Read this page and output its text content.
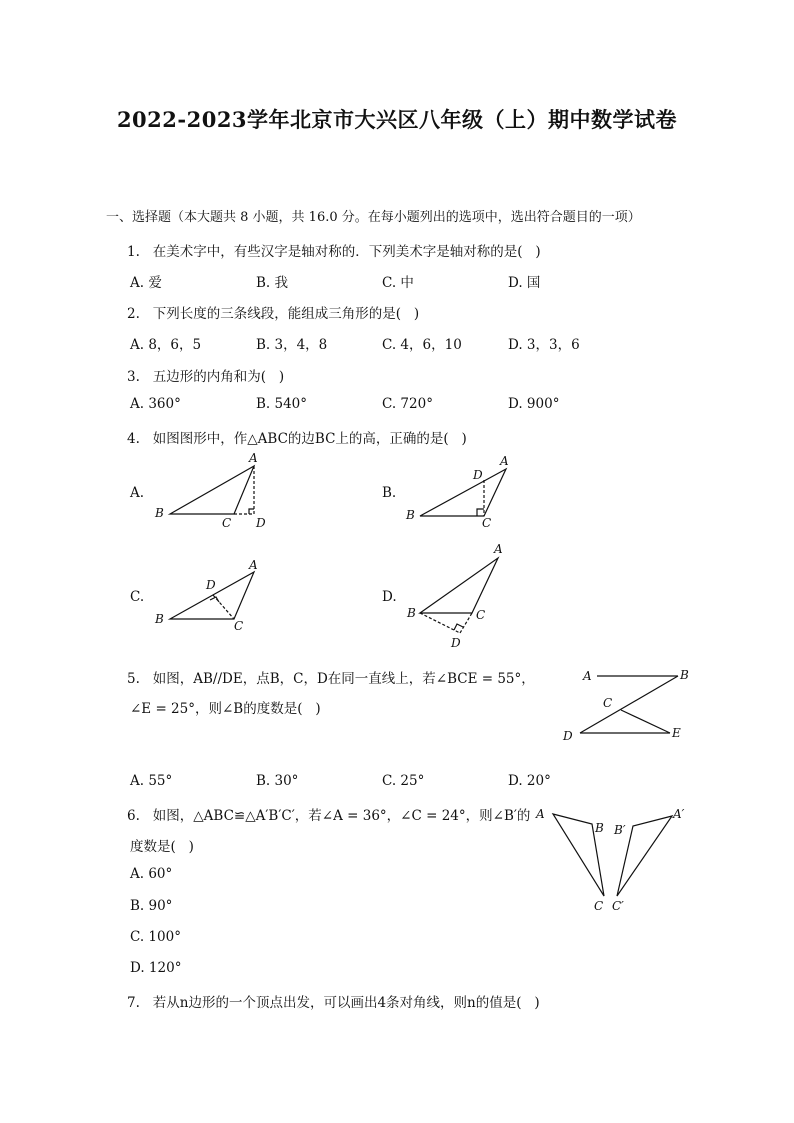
2022-2023学年北京市大兴区八年级（上）期中数学试卷
一、选择题（本大题共 8 小题，共 16.0 分。在每小题列出的选项中，选出符合题目的一项）
1. 在美术字中，有些汉字是轴对称的．下列美术字是轴对称的是(   )
A. 爱	B. 我	C. 中	D. 国
2. 下列长度的三条线段，能组成三角形的是(   )
A. 8，6，5	B. 3，4，8	C. 4，6，10	D. 3，3，6
3. 五边形的内角和为(   )
A. 360°	B. 540°	C. 720°	D. 900°
4. 如图图形中，作△ABC的边BC上的高，正确的是(   )
A.	B.
C.	D.
5. 如图，AB//DE，点B，C，D在同一直线上，若∠BCE = 55°，
∠E = 25°，则∠B的度数是(   )
A. 55°	B. 30°	C. 25°	D. 20°
6. 如图，△ABC≌△A′B′C′，若∠A = 36°，∠C = 24°，则∠B′的
度数是(   )
A. 60°
B. 90°
C. 100°
D. 120°
7. 若从n边形的一个顶点出发，可以画出4条对角线，则n的值是(   )
A
B
C D
A
B
C
D
A
B	C
D
A
B	C
D
A	B
C
D	E
A
B
C
A′
B′
C′
